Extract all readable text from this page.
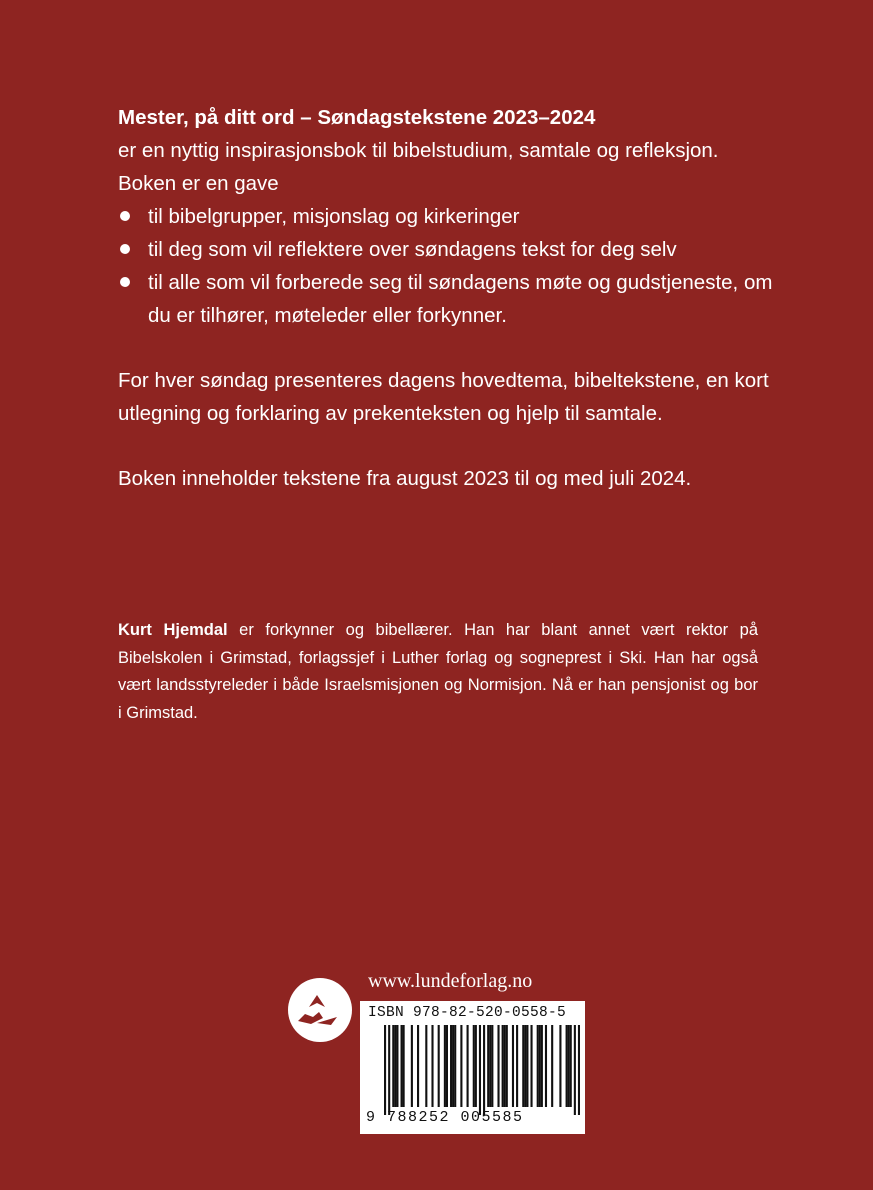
Mester, på ditt ord – Søndagstekstene 2023–2024

er en nyttig inspirasjonsbok til bibelstudium, samtale og refleksjon.

Boken er en gave

til bibelgrupper, misjonslag og kirkeringer
til deg som vil reflektere over søndagens tekst for deg selv
til alle som vil forberede seg til søndagens møte og gudstjeneste, om du er tilhører, møteleder eller forkynner.

For hver søndag presenteres dagens hovedtema, bibeltekstene, en kort utlegning og forklaring av prekenteksten og hjelp til samtale.

Boken inneholder tekstene fra august 2023 til og med juli 2024.

Kurt Hjemdal er forkynner og bibellærer. Han har blant annet vært rektor på Bibelskolen i Grimstad, forlagssjef i Luther forlag og sogneprest i Ski. Han har også vært landsstyreleder i både Israelsmisjonen og Normisjon. Nå er han pensjonist og bor i Grimstad.
www.lundeforlag.no
ISBN 978-82-520-0558-5
9 788252 005585
